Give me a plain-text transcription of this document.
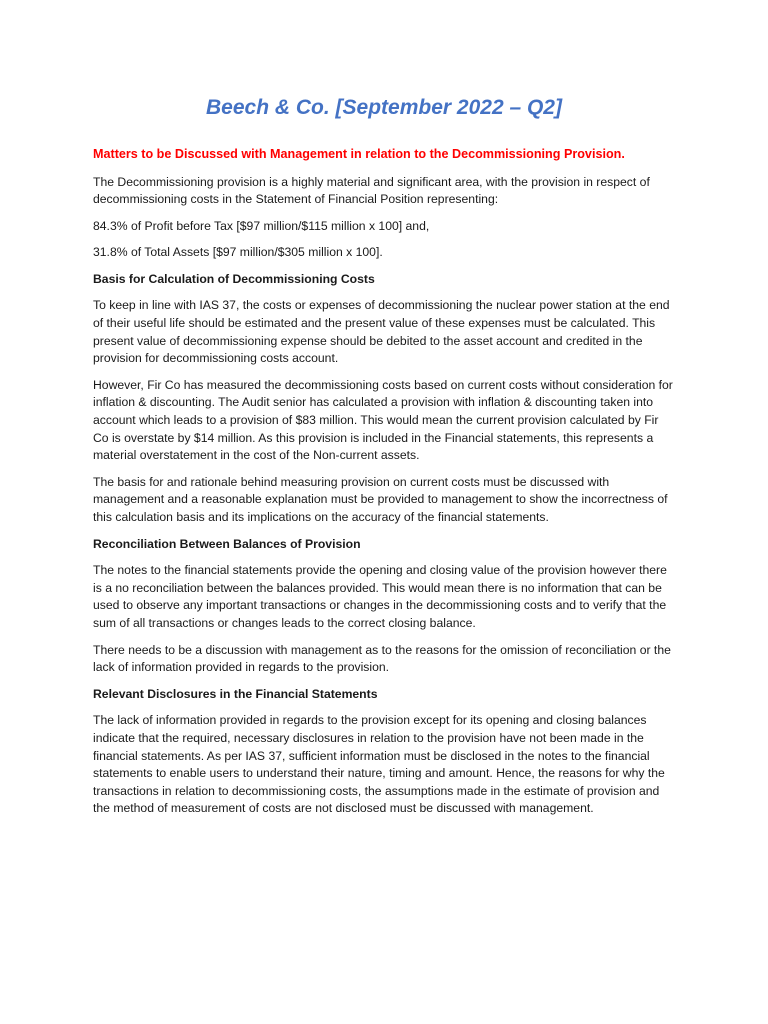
Beech & Co. [September 2022 – Q2]
Matters to be Discussed with Management in relation to the Decommissioning Provision.

The Decommissioning provision is a highly material and significant area, with the provision in respect of decommissioning costs in the Statement of Financial Position representing:

84.3% of Profit before Tax [$97 million/$115 million x 100] and,

31.8% of Total Assets [$97 million/$305 million x 100].

Basis for Calculation of Decommissioning Costs

To keep in line with IAS 37, the costs or expenses of decommissioning the nuclear power station at the end of their useful life should be estimated and the present value of these expenses must be calculated. This present value of decommissioning expense should be debited to the asset account and credited in the provision for decommissioning costs account.

However, Fir Co has measured the decommissioning costs based on current costs without consideration for inflation & discounting. The Audit senior has calculated a provision with inflation & discounting taken into account which leads to a provision of $83 million. This would mean the current provision calculated by Fir Co is overstate by $14 million. As this provision is included in the Financial statements, this represents a material overstatement in the cost of the Non-current assets.

The basis for and rationale behind measuring provision on current costs must be discussed with management and a reasonable explanation must be provided to management to show the incorrectness of this calculation basis and its implications on the accuracy of the financial statements.

Reconciliation Between Balances of Provision

The notes to the financial statements provide the opening and closing value of the provision however there is a no reconciliation between the balances provided. This would mean there is no information that can be used to observe any important transactions or changes in the decommissioning costs and to verify that the sum of all transactions or changes leads to the correct closing balance.

There needs to be a discussion with management as to the reasons for the omission of reconciliation or the lack of information provided in regards to the provision.

Relevant Disclosures in the Financial Statements

The lack of information provided in regards to the provision except for its opening and closing balances indicate that the required, necessary disclosures in relation to the provision have not been made in the financial statements. As per IAS 37, sufficient information must be disclosed in the notes to the financial statements to enable users to understand their nature, timing and amount. Hence, the reasons for why the transactions in relation to decommissioning costs, the assumptions made in the estimate of provision and the method of measurement of costs are not disclosed must be discussed with management.
